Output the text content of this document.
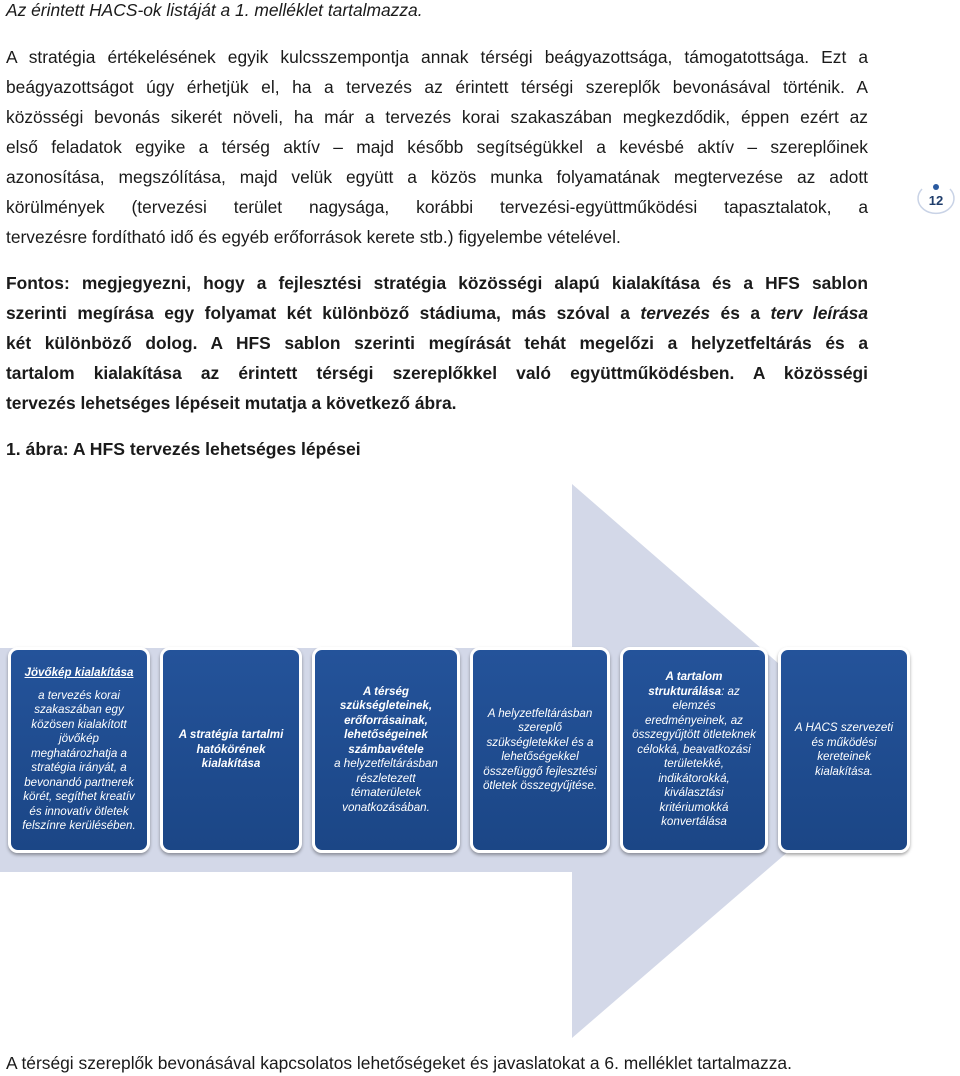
Az érintett HACS-ok listáját a 1. melléklet tartalmazza.
A stratégia értékelésének egyik kulcsszempontja annak térségi beágyazottsága, támogatottsága. Ezt a
beágyazottságot úgy érhetjük el, ha a tervezés az érintett térségi szereplők bevonásával történik. A
közösségi bevonás sikerét növeli, ha már a tervezés korai szakaszában megkezdődik, éppen ezért az
első feladatok egyike a térség aktív – majd később segítségükkel a kevésbé aktív – szereplőinek
azonosítása, megszólítása, majd velük együtt a közös munka folyamatának megtervezése az adott
körülmények (tervezési terület nagysága, korábbi tervezési-együttműködési tapasztalatok, a
tervezésre fordítható idő és egyéb erőforrások kerete stb.) figyelembe vételével.
12
Fontos: megjegyezni, hogy a fejlesztési stratégia közösségi alapú kialakítása és a HFS sablon
szerinti megírása egy folyamat két különböző stádiuma, más szóval a tervezés és a terv leírása
két különböző dolog. A HFS sablon szerinti megírását tehát megelőzi a helyzetfeltárás és a
tartalom kialakítása az érintett térségi szereplőkkel való együttműködésben. A közösségi
tervezés lehetséges lépéseit mutatja a következő ábra.
1. ábra: A HFS tervezés lehetséges lépései
Jövőkép kialakítása
a tervezés korai szakaszában egy közösen kialakított jövőkép meghatározhatja a stratégia irányát, a bevonandó partnerek körét, segíthet kreatív és innovatív ötletek felszínre kerülésében.
A stratégia tartalmi hatókörének kialakítása
A térség szükségleteinek, erőforrásainak, lehetőségeinek számbavétele
a helyzetfeltárásban részletezett tématerületek vonatkozásában.
A helyzetfeltárásban szereplő szükségletekkel és a lehetőségekkel összefüggő fejlesztési ötletek összegyűjtése.
A tartalom
strukturálása: az elemzés eredményeinek, az összegyűjtött ötleteknek célokká, beavatkozási területekké, indikátorokká, kiválasztási kritériumokká konvertálása
A HACS szervezeti és működési kereteinek kialakítása.
A térségi szereplők bevonásával kapcsolatos lehetőségeket és javaslatokat a 6. melléklet tartalmazza.
